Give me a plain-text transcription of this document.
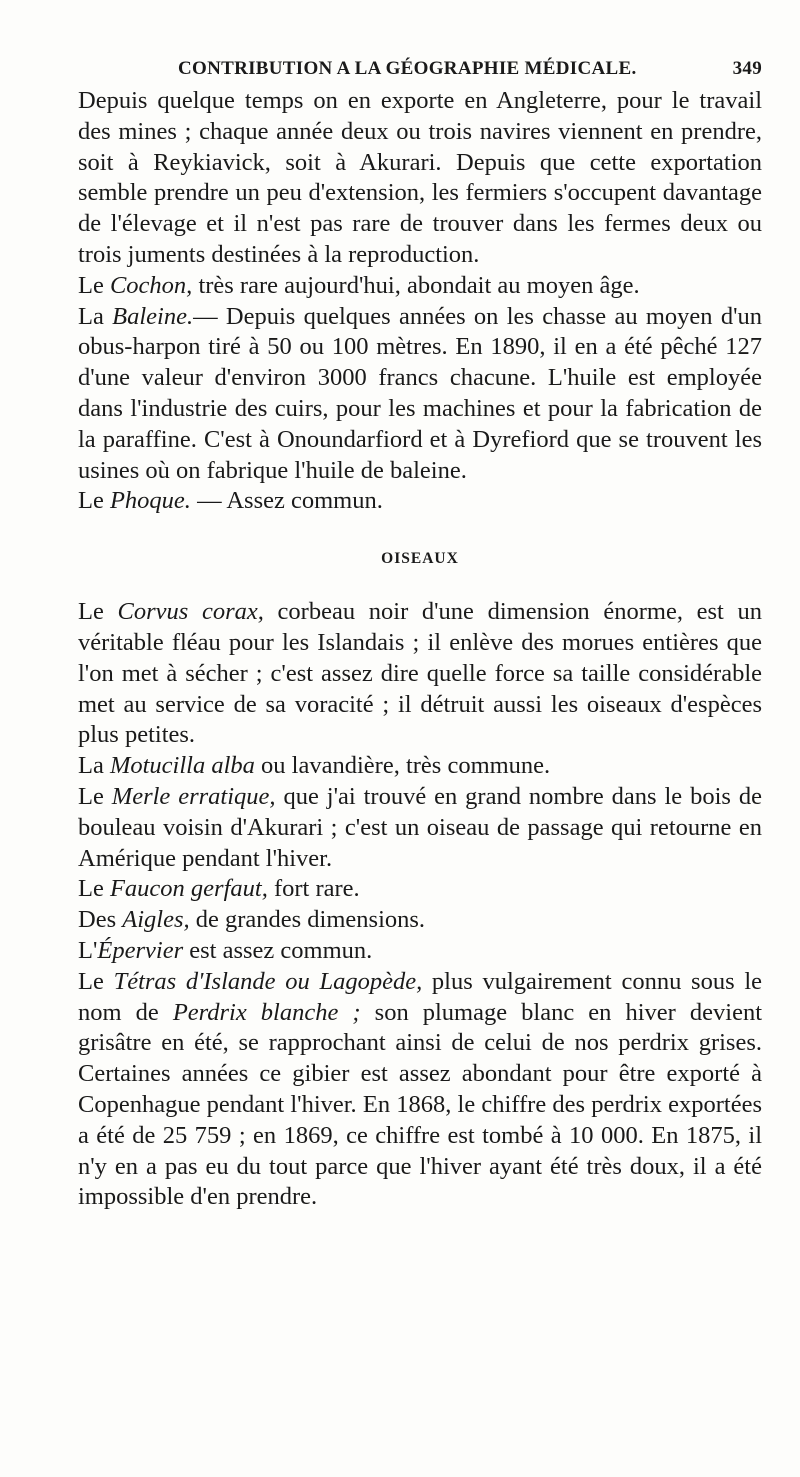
CONTRIBUTION A LA GÉOGRAPHIE MÉDICALE.	349

Depuis quelque temps on en exporte en Angleterre, pour le travail des mines ; chaque année deux ou trois navires viennent en prendre, soit à Reykiavick, soit à Akurari. Depuis que cette exportation semble prendre un peu d'extension, les fermiers s'occupent davantage de l'élevage et il n'est pas rare de trouver dans les fermes deux ou trois juments destinées à la reproduction.

Le Cochon, très rare aujourd'hui, abondait au moyen âge.

La Baleine.— Depuis quelques années on les chasse au moyen d'un obus-harpon tiré à 50 ou 100 mètres. En 1890, il en a été pêché 127 d'une valeur d'environ 3000 francs chacune. L'huile est employée dans l'industrie des cuirs, pour les machines et pour la fabrication de la paraffine. C'est à Onoundarfiord et à Dyrefiord que se trouvent les usines où on fabrique l'huile de baleine.

Le Phoque. — Assez commun.

OISEAUX

Le Corvus corax, corbeau noir d'une dimension énorme, est un véritable fléau pour les Islandais ; il enlève des morues entières que l'on met à sécher ; c'est assez dire quelle force sa taille considérable met au service de sa voracité ; il détruit aussi les oiseaux d'espèces plus petites.

La Motucilla alba ou lavandière, très commune.

Le Merle erratique, que j'ai trouvé en grand nombre dans le bois de bouleau voisin d'Akurari ; c'est un oiseau de passage qui retourne en Amérique pendant l'hiver.

Le Faucon gerfaut, fort rare.

Des Aigles, de grandes dimensions.

L'Épervier est assez commun.

Le Tétras d'Islande ou Lagopède, plus vulgairement connu sous le nom de Perdrix blanche ; son plumage blanc en hiver devient grisâtre en été, se rapprochant ainsi de celui de nos perdrix grises. Certaines années ce gibier est assez abondant pour être exporté à Copenhague pendant l'hiver. En 1868, le chiffre des perdrix exportées a été de 25 759 ; en 1869, ce chiffre est tombé à 10 000. En 1875, il n'y en a pas eu du tout parce que l'hiver ayant été très doux, il a été impossible d'en prendre.
